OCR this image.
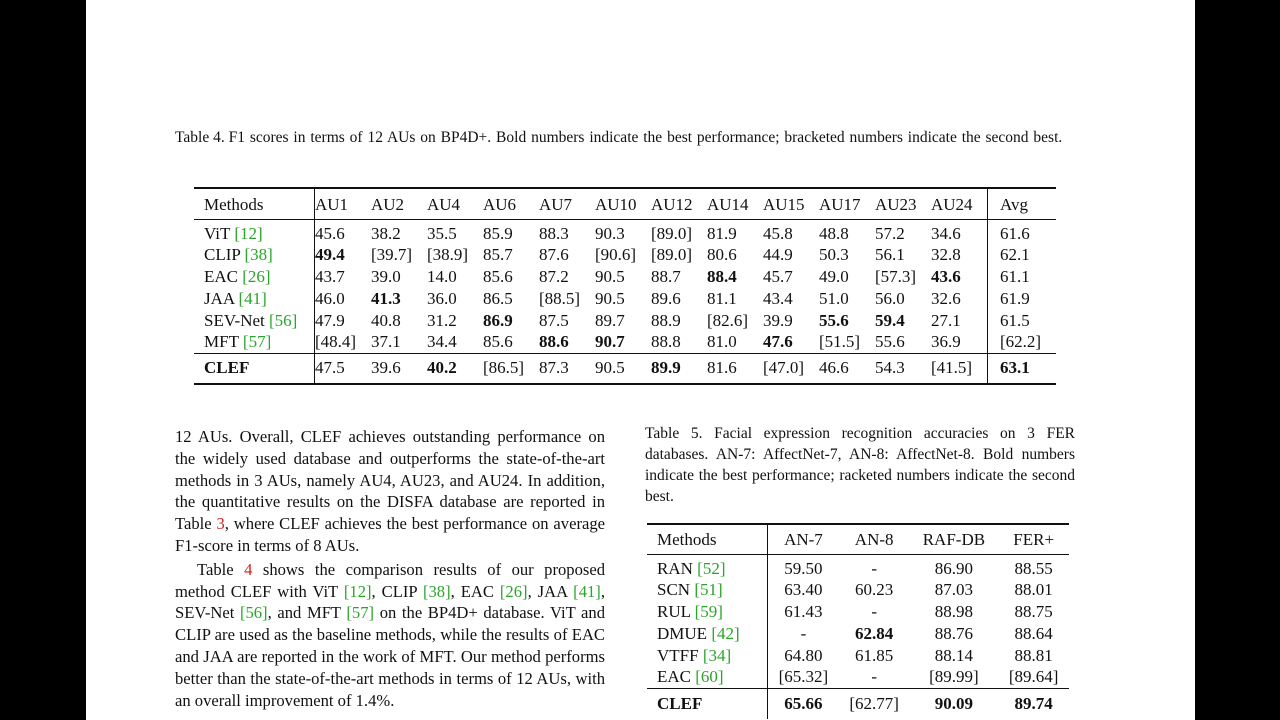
Table 4. F1 scores in terms of 12 AUs on BP4D+. Bold numbers indicate the best performance; bracketed numbers indicate the second best.
Methods	AU1	AU2	AU4	AU6	AU7	AU10	AU12	AU14	AU15	AU17	AU23	AU24	Avg
ViT [12]	45.6	38.2	35.5	85.9	88.3	90.3	[89.0]	81.9	45.8	48.8	57.2	34.6	61.6
CLIP [38]	49.4	[39.7]	[38.9]	85.7	87.6	[90.6]	[89.0]	80.6	44.9	50.3	56.1	32.8	62.1
EAC [26]	43.7	39.0	14.0	85.6	87.2	90.5	88.7	88.4	45.7	49.0	[57.3]	43.6	61.1
JAA [41]	46.0	41.3	36.0	86.5	[88.5]	90.5	89.6	81.1	43.4	51.0	56.0	32.6	61.9
SEV-Net [56]	47.9	40.8	31.2	86.9	87.5	89.7	88.9	[82.6]	39.9	55.6	59.4	27.1	61.5
MFT [57]	[48.4]	37.1	34.4	85.6	88.6	90.7	88.8	81.0	47.6	[51.5]	55.6	36.9	[62.2]
CLEF	47.5	39.6	40.2	[86.5]	87.3	90.5	89.9	81.6	[47.0]	46.6	54.3	[41.5]	63.1

12 AUs. Overall, CLEF achieves outstanding performance on the widely used database and outperforms the state-of-the-art methods in 3 AUs, namely AU4, AU23, and AU24. In addition, the quantitative results on the DISFA database are reported in Table 3, where CLEF achieves the best performance on average F1-score in terms of 8 AUs.

Table 4 shows the comparison results of our proposed method CLEF with ViT [12], CLIP [38], EAC [26], JAA [41], SEV-Net [56], and MFT [57] on the BP4D+ database. ViT and CLIP are used as the baseline methods, while the results of EAC and JAA are reported in the work of MFT. Our method performs better than the state-of-the-art methods in terms of 12 AUs, with an overall improvement of 1.4%.

Table 5. Facial expression recognition accuracies on 3 FER databases. AN-7: AffectNet-7, AN-8: AffectNet-8. Bold numbers indicate the best performance; racketed numbers indicate the second best.
Methods	AN-7	AN-8	RAF-DB	FER+
RAN [52]	59.50	-	86.90	88.55
SCN [51]	63.40	60.23	87.03	88.01
RUL [59]	61.43	-	88.98	88.75
DMUE [42]	-	62.84	88.76	88.64
VTFF [34]	64.80	61.85	88.14	88.81
EAC [60]	[65.32]	-	[89.99]	[89.64]
CLEF	65.66	[62.77]	90.09	89.74
